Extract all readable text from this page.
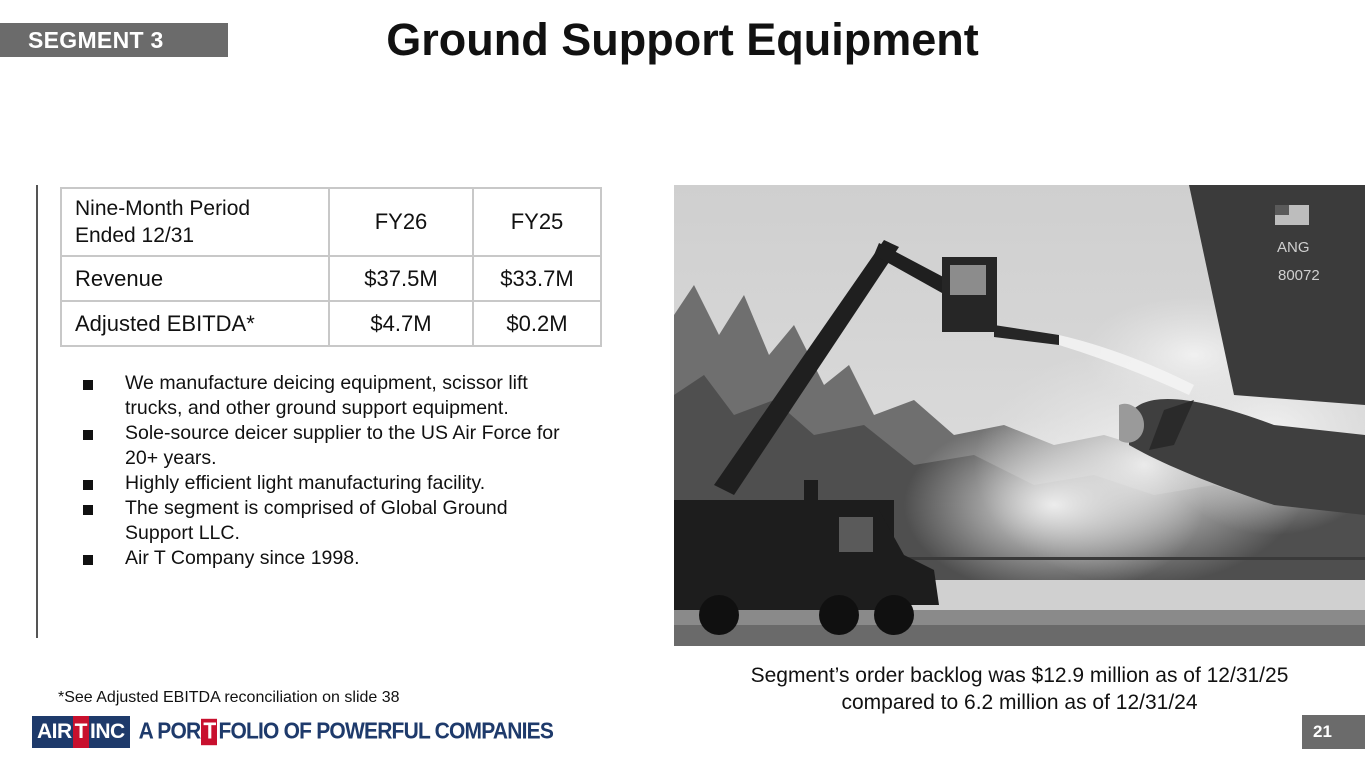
SEGMENT 3	Ground Support Equipment
Nine-Month Period Ended 12/31	FY26	FY25
Revenue	$37.5M	$33.7M
Adjusted EBITDA*	$4.7M	$0.2M
We manufacture deicing equipment, scissor lift trucks, and other ground support equipment.
Sole-source deicer supplier to the US Air Force for 20+ years.
Highly efficient light manufacturing facility.
The segment is comprised of Global Ground Support LLC.
Air T Company since 1998.
*See Adjusted EBITDA reconciliation on slide 38
ANG
80072
Segment’s order backlog was $12.9 million as of 12/31/25
compared to 6.2 million as of 12/31/24
AIR T INC A POR T FOLIO OF POWERFUL COMPANIES	21
